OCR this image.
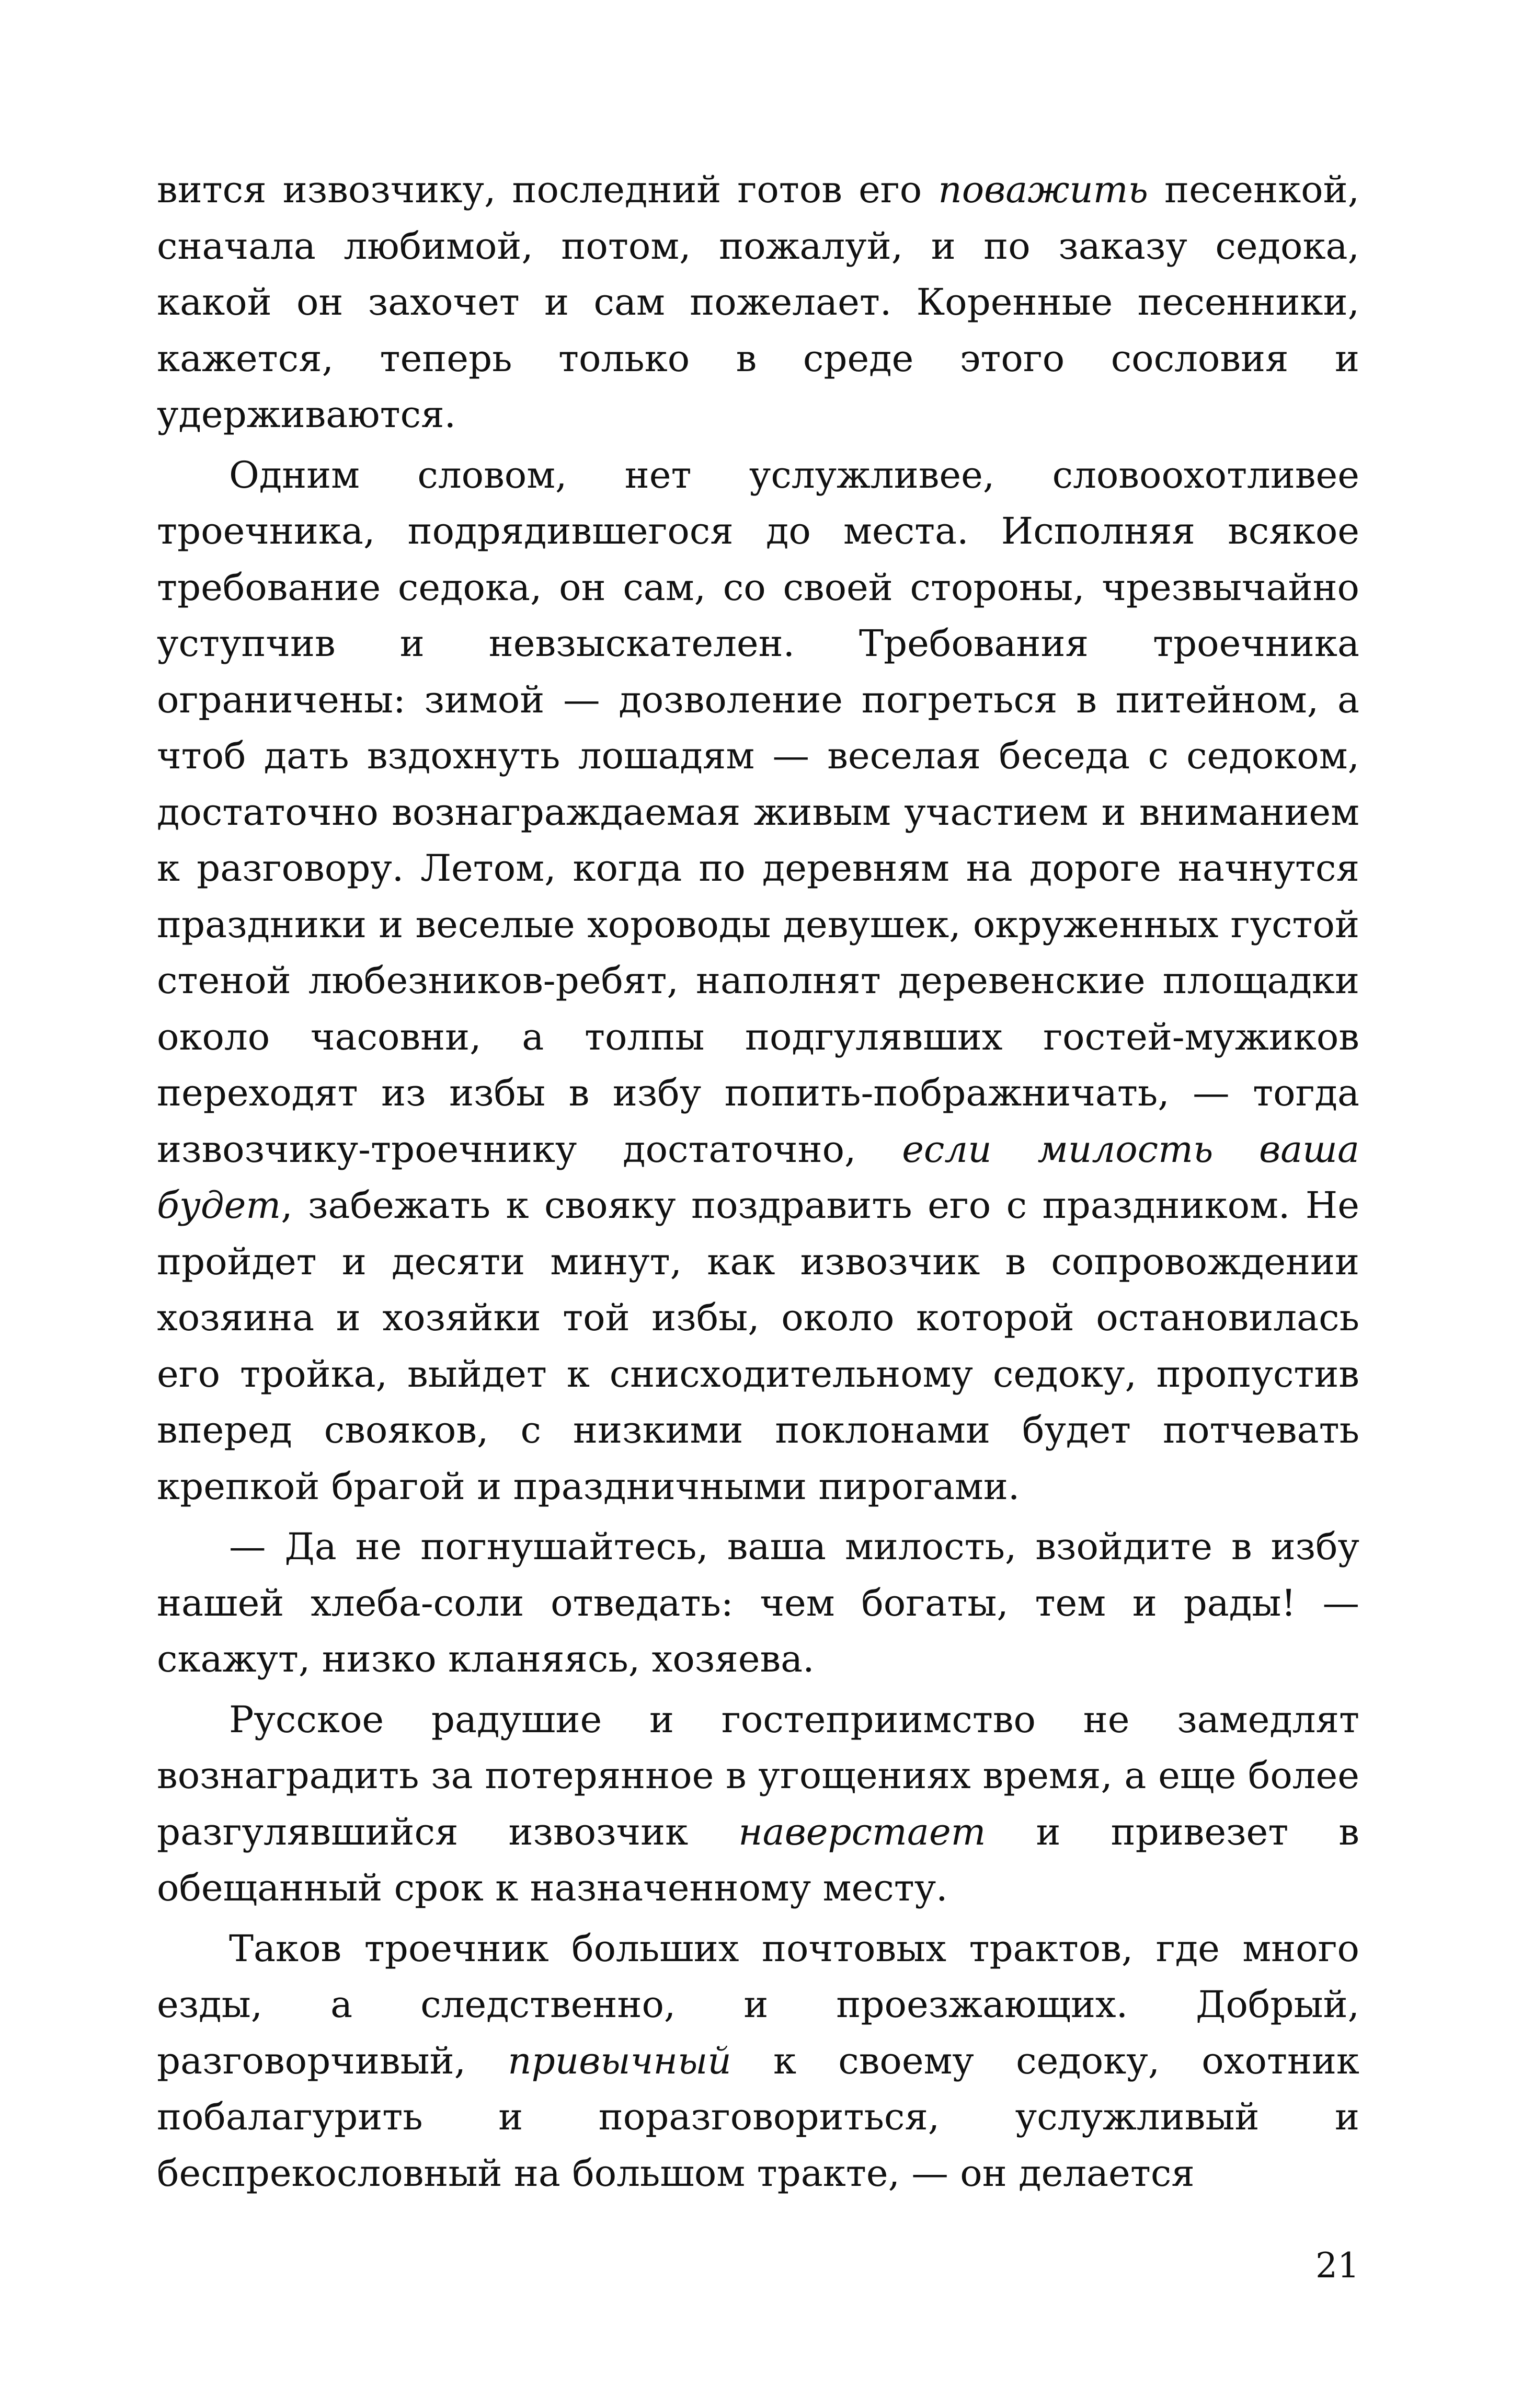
вится извозчику, последний готов его поважить песенкой, сначала любимой, потом, пожалуй, и по заказу седока, какой он захочет и сам пожелает. Коренные песенники, кажется, теперь только в среде этого сословия и удерживаются.

Одним словом, нет услужливее, словоохотливее троечника, подрядившегося до места. Исполняя всякое требование седока, он сам, со своей стороны, чрезвычайно уступчив и невзыскателен. Требования троечника ограничены: зимой — дозволение погреться в питейном, а чтоб дать вздохнуть лошадям — веселая беседа с седоком, достаточно вознаграждаемая живым участием и вниманием к разговору. Летом, когда по деревням на дороге начнутся праздники и веселые хороводы девушек, окруженных густой стеной любезников-ребят, наполнят деревенские площадки около часовни, а толпы подгулявших гостей-мужиков переходят из избы в избу попить-пображничать, — тогда извозчику-троечнику достаточно, если милость ваша будет, забежать к свояку поздравить его с праздником. Не пройдет и десяти минут, как извозчик в сопровождении хозяина и хозяйки той избы, около которой остановилась его тройка, выйдет к снисходительному седоку, пропустив вперед свояков, с низкими поклонами будет потчевать крепкой брагой и праздничными пирогами.

— Да не погнушайтесь, ваша милость, взойдите в избу нашей хлеба-соли отведать: чем богаты, тем и рады! — скажут, низко кланяясь, хозяева.

Русское радушие и гостеприимство не замедлят вознаградить за потерянное в угощениях время, а еще более разгулявшийся извозчик наверстает и привезет в обещанный срок к назначенному месту.

Таков троечник больших почтовых трактов, где много езды, а следственно, и проезжающих. Добрый, разговорчивый, привычный к своему седоку, охотник побалагурить и поразговориться, услужливый и беспрекословный на большом тракте, — он делается

21
